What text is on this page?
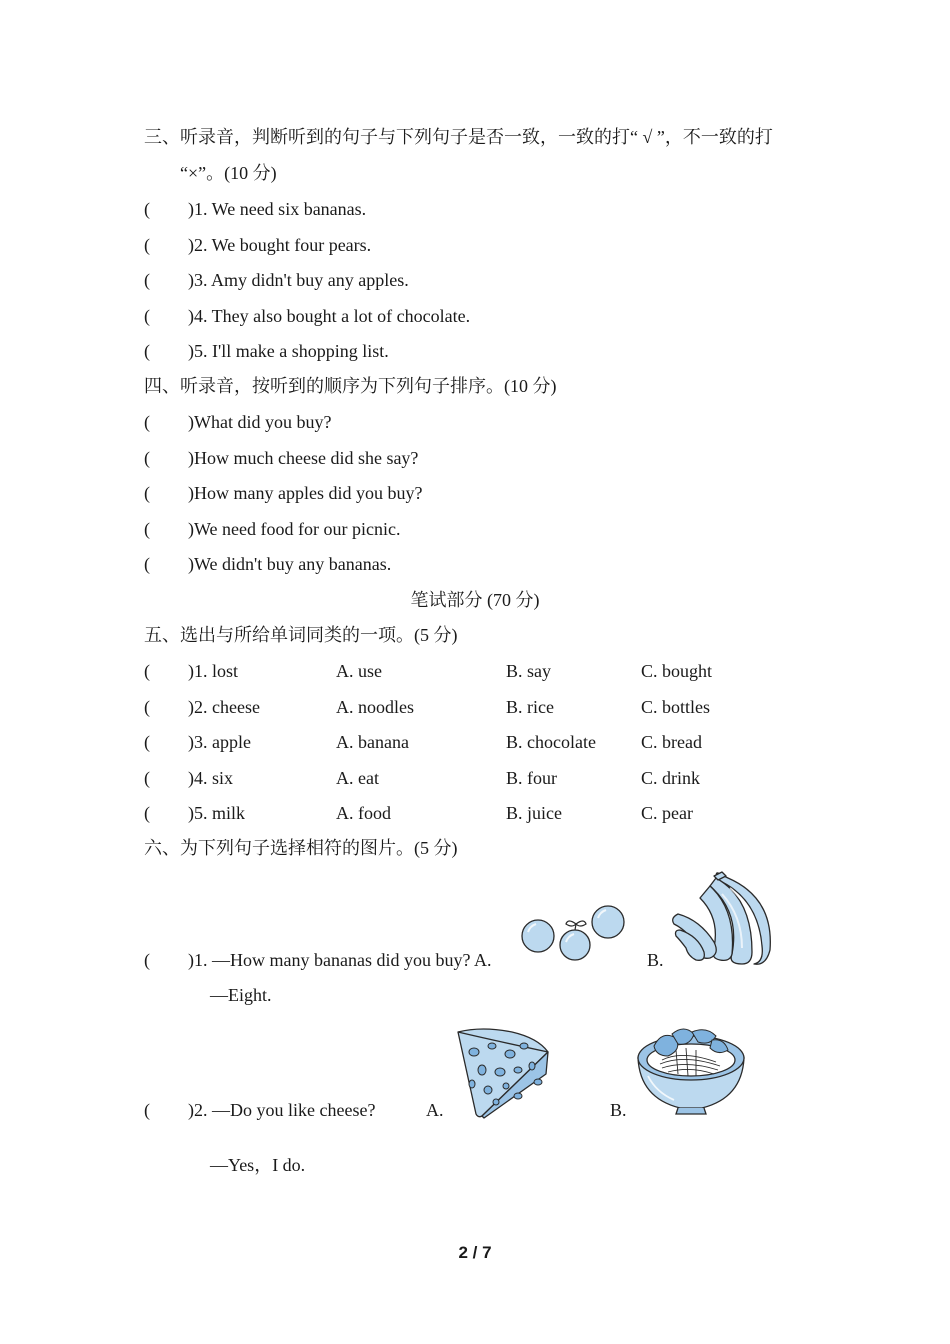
三、听录音，判断听到的句子与下列句子是否一致，一致的打“ √ ”，不一致的打
“×”。(10 分)
( )1. We need six bananas.
( )2. We bought four pears.
( )3. Amy didn't buy any apples.
( )4. They also bought a lot of chocolate.
( )5. I'll make a shopping list.
四、听录音，按听到的顺序为下列句子排序。(10 分)
( )What did you buy?
( )How much cheese did she say?
( )How many apples did you buy?
( )We need food for our picnic.
( )We didn't buy any bananas.
笔试部分 (70 分)
五、选出与所给单词同类的一项。(5 分)
( )1. lost	A. use	B. say	C. bought
( )2. cheese	A. noodles	B. rice	C. bottles
( )3. apple	A. banana	B. chocolate	C. bread
( )4. six	A. eat	B. four	C. drink
( )5. milk	A. food	B. juice	C. pear
六、为下列句子选择相符的图片。(5 分)
( )1. —How many bananas did you buy? A.	B.
—Eight.
( )2. —Do you like cheese?	A.	B.
—Yes，I do.
2 / 7
